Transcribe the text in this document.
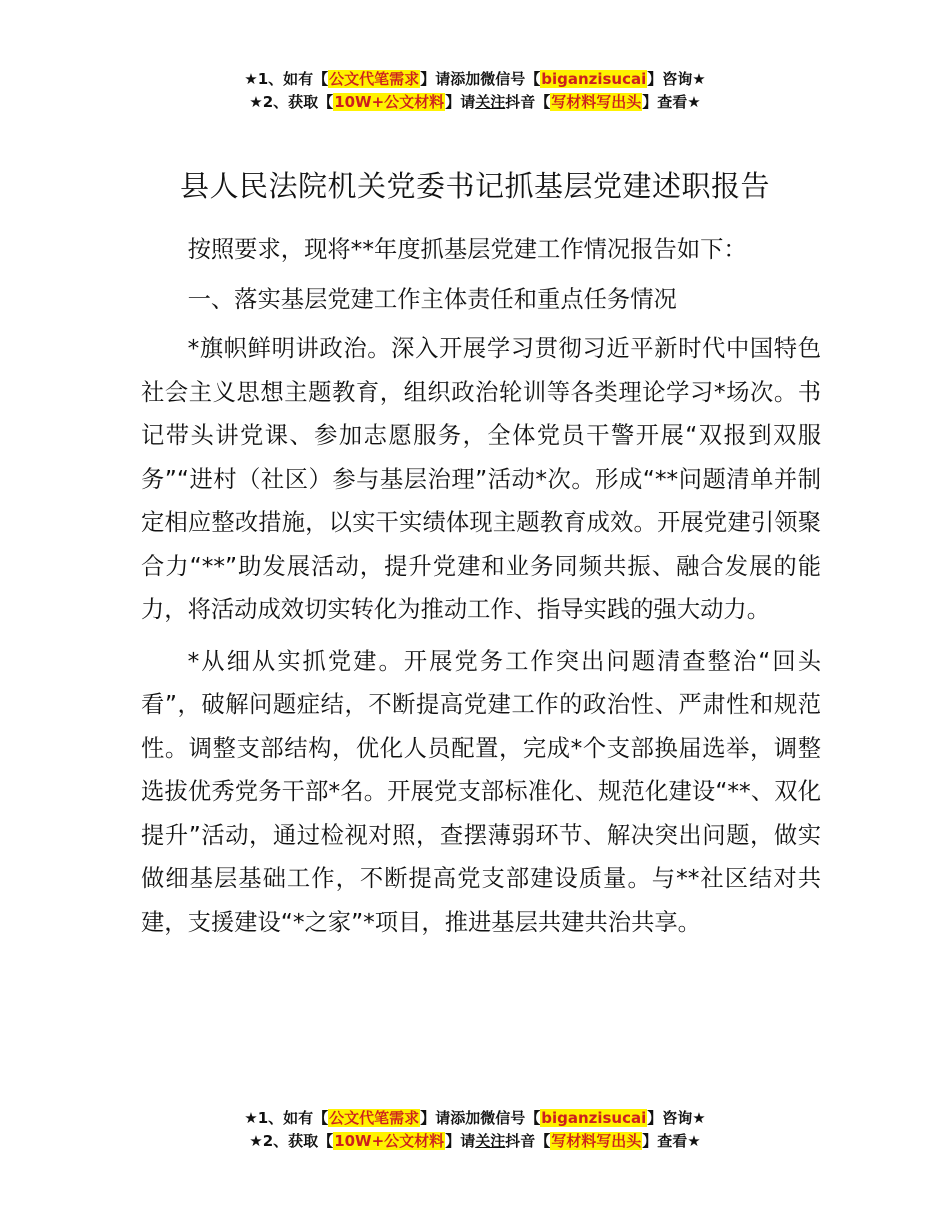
★1、如有【公文代笔需求】请添加微信号【biganzisucai】咨询★
★2、获取【10W+公文材料】请关注抖音【写材料写出头】查看★
县人民法院机关党委书记抓基层党建述职报告

按照要求，现将**年度抓基层党建工作情况报告如下：

一、落实基层党建工作主体责任和重点任务情况

*旗帜鲜明讲政治。深入开展学习贯彻习近平新时代中国特色社会主义思想主题教育，组织政治轮训等各类理论学习*场次。书记带头讲党课、参加志愿服务，全体党员干警开展“双报到双服务”“进村（社区）参与基层治理”活动*次。形成“**问题清单并制定相应整改措施，以实干实绩体现主题教育成效。开展党建引领聚合力“**”助发展活动，提升党建和业务同频共振、融合发展的能力，将活动成效切实转化为推动工作、指导实践的强大动力。

*从细从实抓党建。开展党务工作突出问题清查整治“回头看”，破解问题症结，不断提高党建工作的政治性、严肃性和规范性。调整支部结构，优化人员配置，完成*个支部换届选举，调整选拔优秀党务干部*名。开展党支部标准化、规范化建设“**、双化提升”活动，通过检视对照，查摆薄弱环节、解决突出问题，做实做细基层基础工作，不断提高党支部建设质量。与**社区结对共建，支援建设“*之家”*项目，推进基层共建共治共享。

★1、如有【公文代笔需求】请添加微信号【biganzisucai】咨询★
★2、获取【10W+公文材料】请关注抖音【写材料写出头】查看★
